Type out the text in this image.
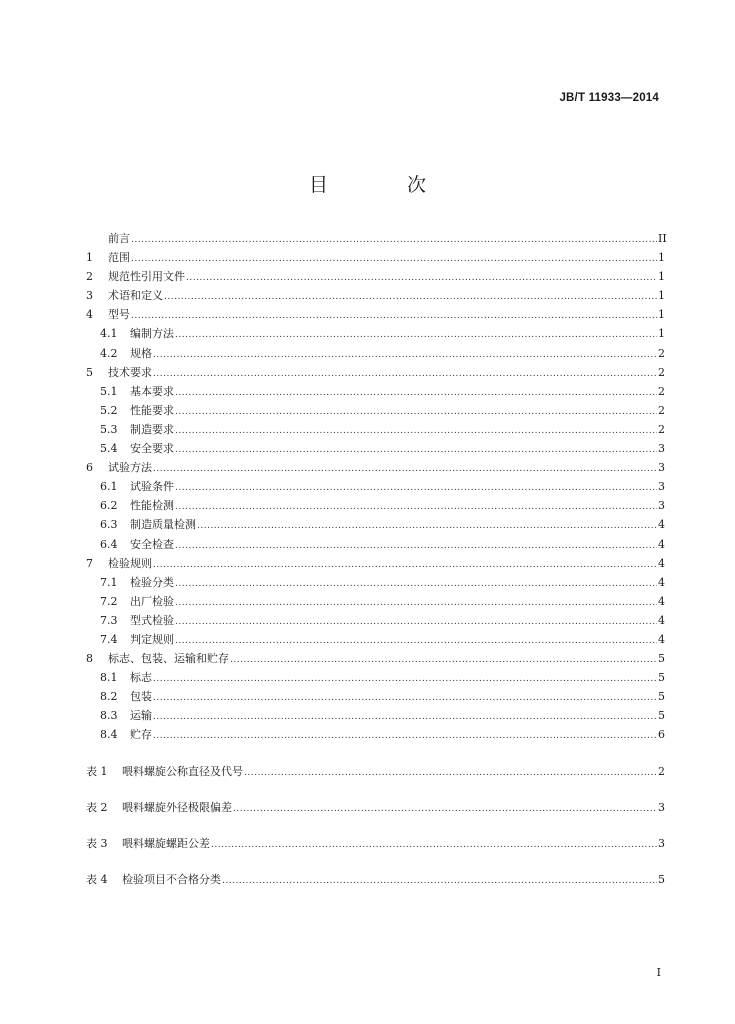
JB/T 11933—2014
目　次
前言 .....	II
1	范围 .....	1
2	规范性引用文件 .....	1
3	术语和定义 .....	1
4	型号 .....	1
4.1	编制方法 .....	1
4.2	规格 .....	2
5	技术要求 .....	2
5.1	基本要求 .....	2
5.2	性能要求 .....	2
5.3	制造要求 .....	2
5.4	安全要求 .....	3
6	试验方法 .....	3
6.1	试验条件 .....	3
6.2	性能检测 .....	3
6.3	制造质量检测 .....	4
6.4	安全检查 .....	4
7	检验规则 .....	4
7.1	检验分类 .....	4
7.2	出厂检验 .....	4
7.3	型式检验 .....	4
7.4	判定规则 .....	4
8	标志、包装、运输和贮存 .....	5
8.1	标志 .....	5
8.2	包装 .....	5
8.3	运输 .....	5
8.4	贮存 .....	6
表 1	喂料螺旋公称直径及代号 .....	2
表 2	喂料螺旋外径极限偏差 .....	3
表 3	喂料螺旋螺距公差 .....	3
表 4	检验项目不合格分类 .....	5
I
